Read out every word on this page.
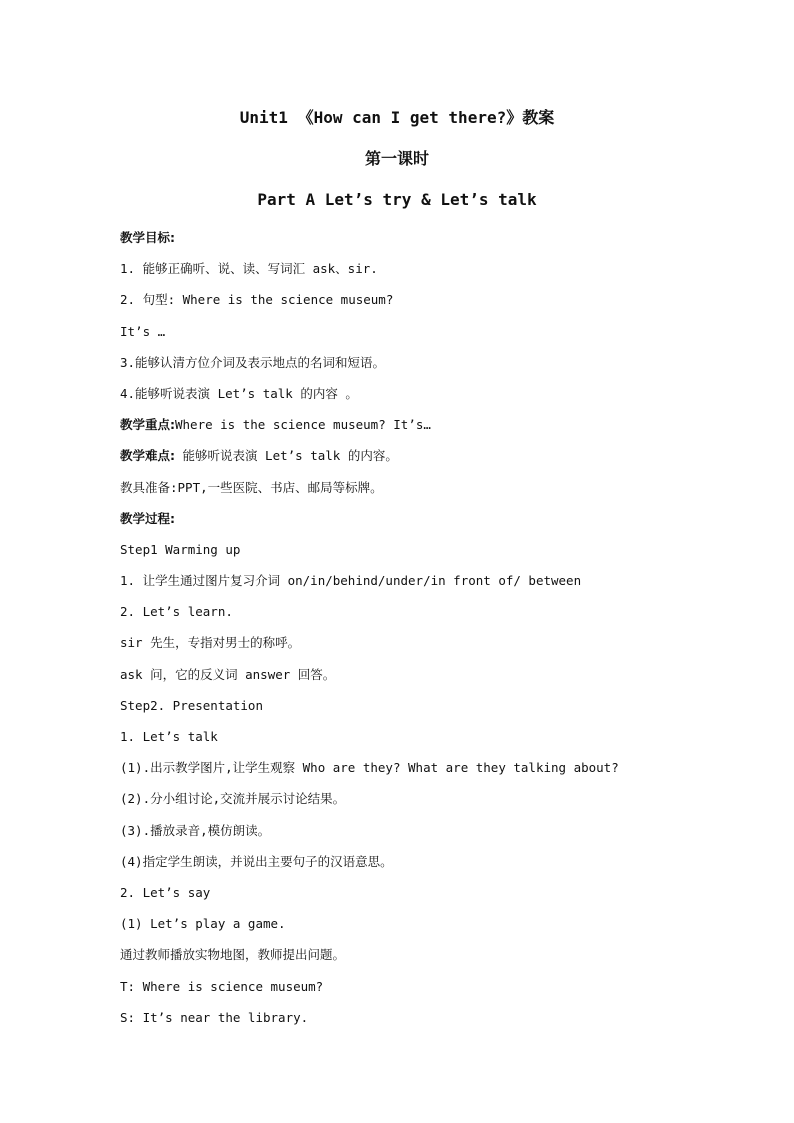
Unit1 《How can I get there?》教案
第一课时
Part A Let’s try & Let’s talk
教学目标:
1. 能够正确听、说、读、写词汇 ask、sir.
2. 句型: Where is the science museum?
It’s …
3.能够认清方位介词及表示地点的名词和短语。
4.能够听说表演 Let’s talk 的内容 。
教学重点:Where is the science museum? It’s…
教学难点: 能够听说表演 Let’s talk 的内容。
教具准备:PPT,一些医院、书店、邮局等标牌。
教学过程:
Step1 Warming up
1. 让学生通过图片复习介词 on/in/behind/under/in front of/ between
2. Let’s learn.
sir 先生，专指对男士的称呼。
ask 问，它的反义词 answer 回答。
Step2. Presentation
1. Let’s talk
(1).出示教学图片,让学生观察 Who are they? What are they talking about?
(2).分小组讨论,交流并展示讨论结果。
(3).播放录音,模仿朗读。
(4)指定学生朗读，并说出主要句子的汉语意思。
2. Let’s say
(1) Let’s play a game.
通过教师播放实物地图，教师提出问题。
T: Where is science museum?
S: It’s near the library.
